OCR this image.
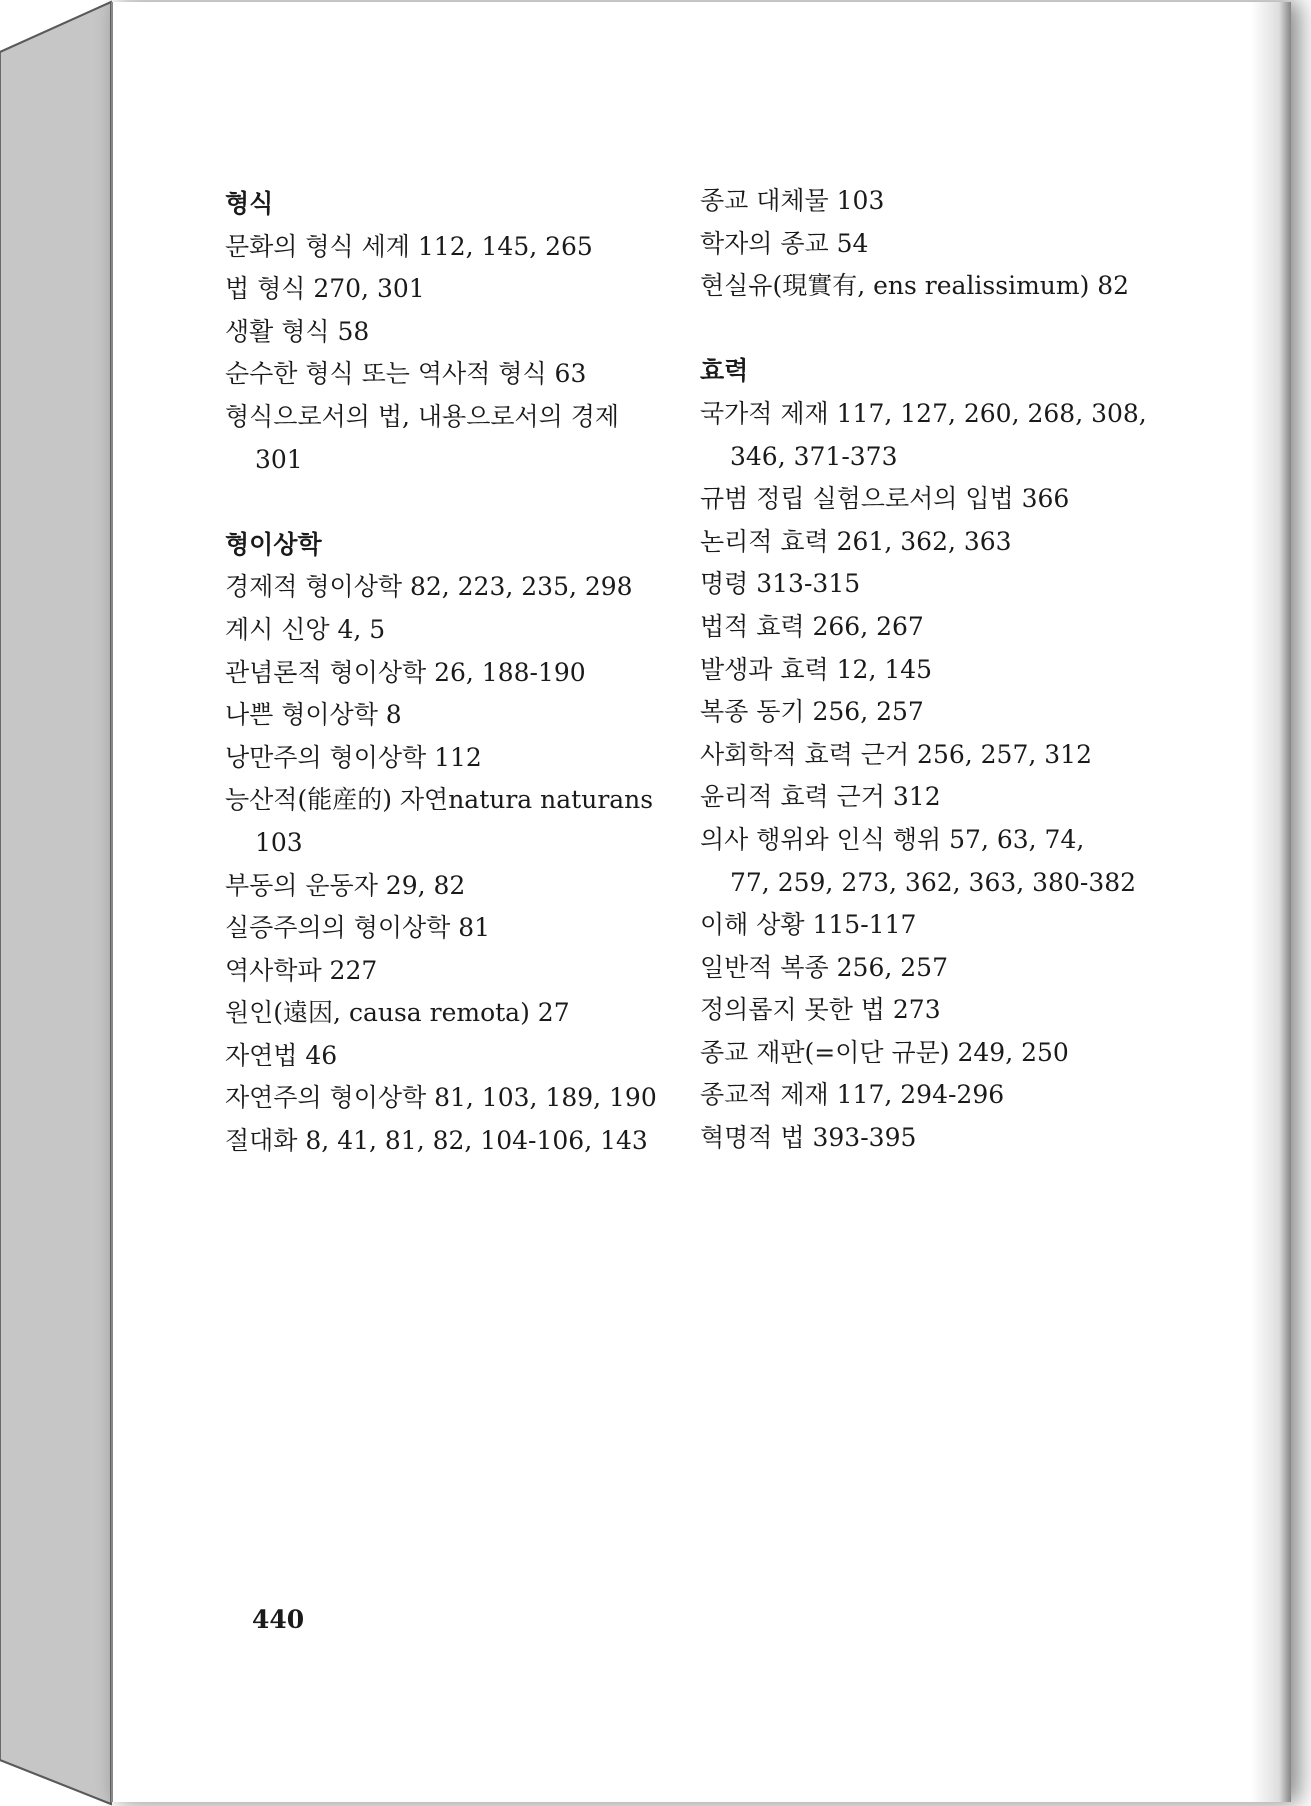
형식
문화의 형식 세계 112, 145, 265
법 형식 270, 301
생활 형식 58
순수한 형식 또는 역사적 형식 63
형식으로서의 법, 내용으로서의 경제
301
형이상학
경제적 형이상학 82, 223, 235, 298
계시 신앙 4, 5
관념론적 형이상학 26, 188-190
나쁜 형이상학 8
낭만주의 형이상학 112
능산적(能産的) 자연natura naturans
103
부동의 운동자 29, 82
실증주의의 형이상학 81
역사학파 227
원인(遠因, causa remota) 27
자연법 46
자연주의 형이상학 81, 103, 189, 190
절대화 8, 41, 81, 82, 104-106, 143
종교 대체물 103
학자의 종교 54
현실유(現實有, ens realissimum) 82
효력
국가적 제재 117, 127, 260, 268, 308,
346, 371-373
규범 정립 실험으로서의 입법 366
논리적 효력 261, 362, 363
명령 313-315
법적 효력 266, 267
발생과 효력 12, 145
복종 동기 256, 257
사회학적 효력 근거 256, 257, 312
윤리적 효력 근거 312
의사 행위와 인식 행위 57, 63, 74,
77, 259, 273, 362, 363, 380-382
이해 상황 115-117
일반적 복종 256, 257
정의롭지 못한 법 273
종교 재판(=이단 규문) 249, 250
종교적 제재 117, 294-296
혁명적 법 393-395
440
